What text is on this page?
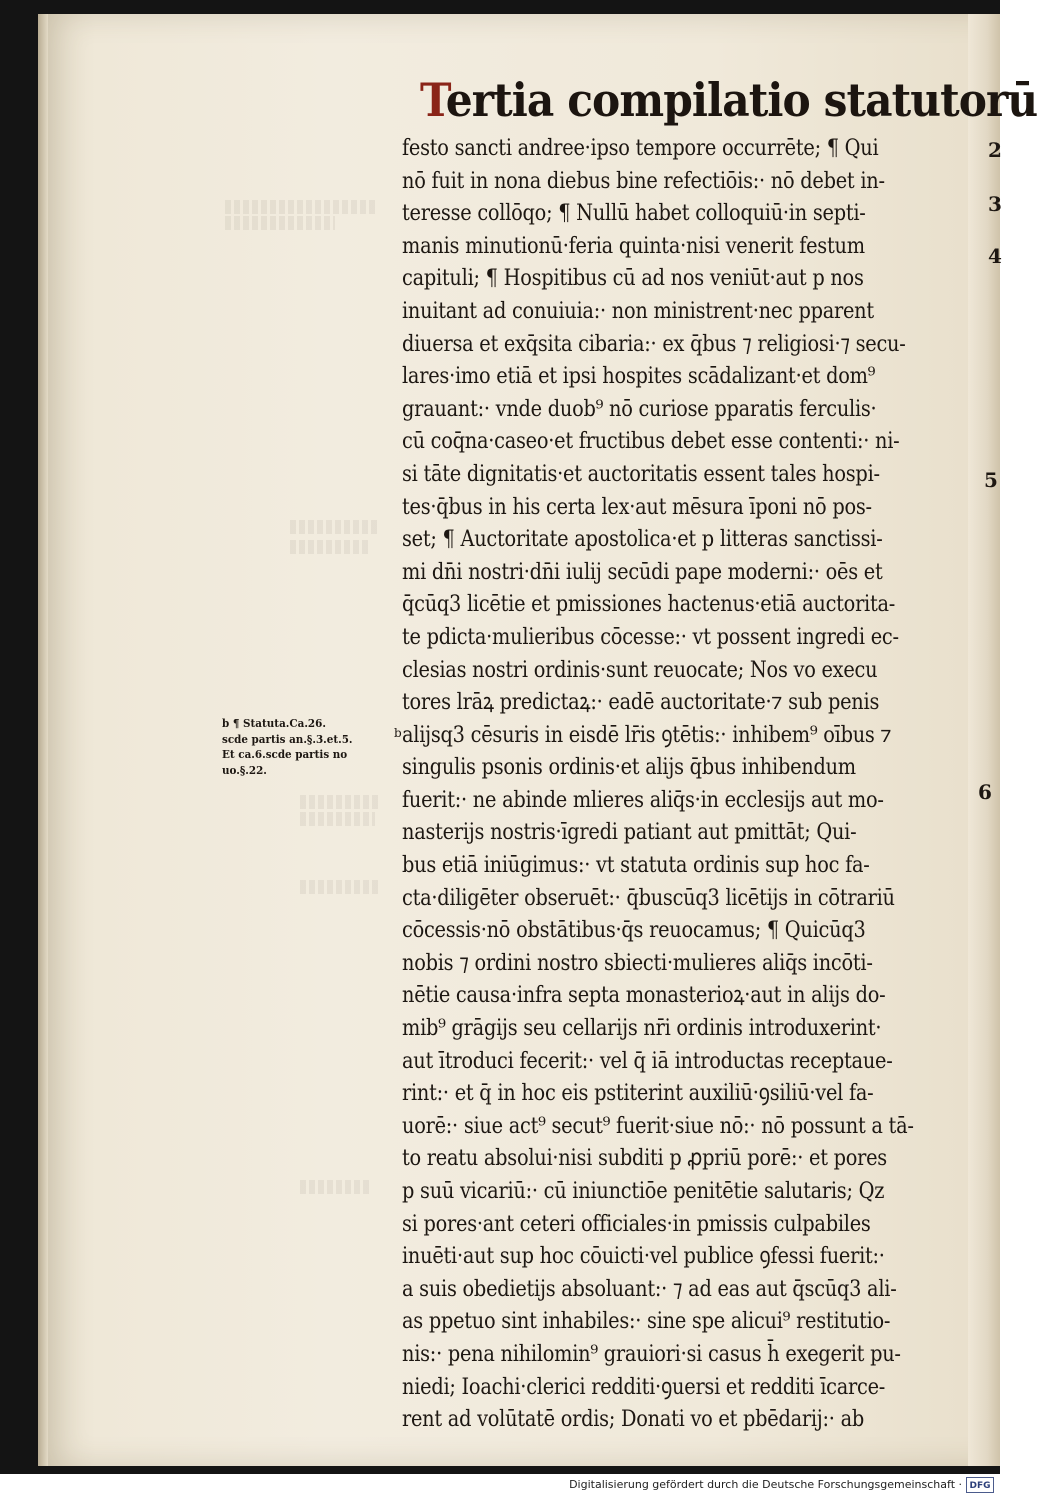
Tertia compilatio statutorū
festo sancti andree·ipso tempore occurrēte; ¶ Qui
nō fuit in nona diebus bine refectiōis:· nō debet in-
teresse collōqo; ¶ Nullū habet colloquiū·in septi-
manis minutionū·feria quinta·nisi venerit festum
capituli; ¶ Hospitibus cū ad nos veniūt·aut p nos
inuitant ad conuiuia:· non ministrent·nec pparent
diuersa et exq̄sita cibaria:· ex q̄bus ⁊ religiosi·⁊ secu-
lares·imo etiā et ipsi hospites scādalizant·et dom⁹
grauant:· vnde duob⁹ nō curiose pparatis ferculis·
cū coq̄na·caseo·et fructibus debet esse contenti:· ni-
si tāte dignitatis·et auctoritatis essent tales hospi-
tes·q̄bus in his certa lex·aut mēsura īponi nō pos-
set; ¶ Auctoritate apostolica·et p litteras sanctissi-
mi dn̄i nostri·dn̄i iulij secūdi pape moderni:· oēs et
q̄cūq3 licētie et pmissiones hactenus·etiā auctorita-
te pdicta·mulieribus cōcesse:· vt possent ingredi ec-
clesias nostri ordinis·sunt reuocate; Nos vo execu
tores lrāꝝ predictaꝝ:· eadē auctoritate·⁊ sub penis
alijsq3 cēsuris in eisdē lr̄is ꝯtētis:· inhibem⁹ oībus ⁊
singulis psonis ordinis·et alijs q̄bus inhibendum
fuerit:· ne abinde mlieres aliq̄s·in ecclesijs aut mo-
nasterijs nostris·īgredi patiant aut pmittāt; Qui-
bus etiā iniūgimus:· vt statuta ordinis sup hoc fa-
cta·diligēter obseruēt:· q̄buscūq3 licētijs in cōtrariū
cōcessis·nō obstātibus·q̄s reuocamus; ¶ Quicūq3
nobis ⁊ ordini nostro sbiecti·mulieres aliq̄s incōti-
nētie causa·infra septa monasterioꝝ·aut in alijs do-
mib⁹ grāgijs seu cellarijs nr̄i ordinis introduxerint·
aut ītroduci fecerit:· vel q̄ iā introductas receptaue-
rint:· et q̄ in hoc eis pstiterint auxiliū·ꝯsiliū·vel fa-
uorē:· siue act⁹ secut⁹ fuerit·siue nō:· nō possunt a tā-
to reatu absolui·nisi subditi p ꝓpriū porē:· et pores
p suū vicariū:· cū iniunctiōe penitētie salutaris; Qz
si pores·ant ceteri officiales·in pmissis culpabiles
inuēti·aut sup hoc cōuicti·vel publice ꝯfessi fuerit:·
a suis obedietijs absoluant:· ⁊ ad eas aut q̄scūq3 ali-
as ppetuo sint inhabiles:· sine spe alicui⁹ restitutio-
nis:· pena nihilomin⁹ grauiori·si casus h̄ exegerit pu-
niedi; Ioachi·clerici redditi·ꝯuersi et redditi īcarce-
rent ad volūtatē ordis; Donati vo et pbēdarij:· ab
b ¶ Statuta.Ca.26.
scde partis an.§.3.et.5.
Et ca.6.scde partis no
uo.§.22.
b
2
3
4
5
6
Digitalisierung gefördert durch die Deutsche Forschungsgemeinschaft · DFG
